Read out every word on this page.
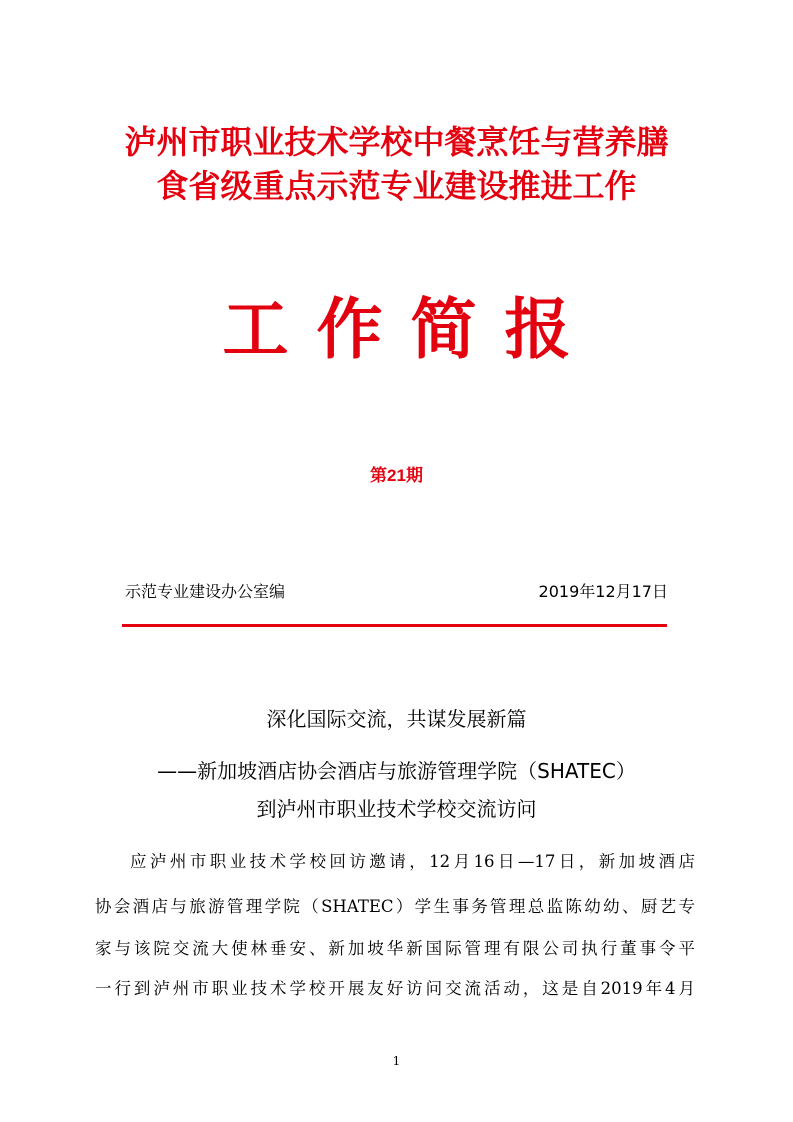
泸州市职业技术学校中餐烹饪与营养膳
食省级重点示范专业建设推进工作
工作简报
第21期
示范专业建设办公室编	2019年12月17日
深化国际交流，共谋发展新篇
——新加坡酒店协会酒店与旅游管理学院（SHATEC）
到泸州市职业技术学校交流访问
应泸州市职业技术学校回访邀请，12月16日—17日，新加坡酒店
协会酒店与旅游管理学院（SHATEC）学生事务管理总监陈幼幼、厨艺专
家与该院交流大使林垂安、新加坡华新国际管理有限公司执行董事令平
一行到泸州市职业技术学校开展友好访问交流活动，这是自2019年4月
1
